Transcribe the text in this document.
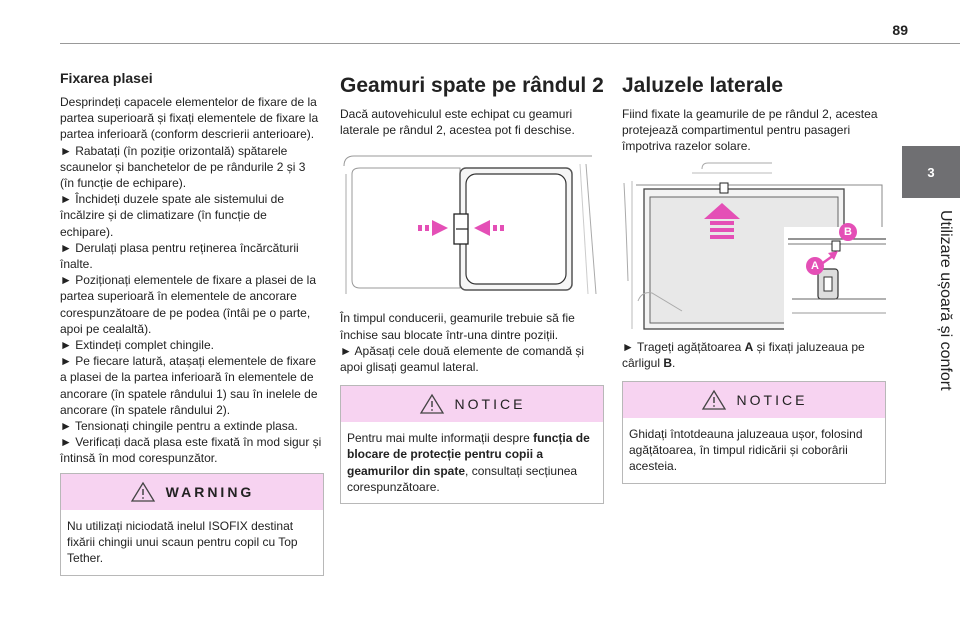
89
3
Utilizare ușoară și confort
Fixarea plasei

Desprindeți capacele elementelor de fixare de la partea superioară și fixați elementele de fixare la partea inferioară (conform descrierii anterioare).
► Rabatați (în poziție orizontală) spătarele scaunelor și banchetelor de pe rândurile 2 și 3 (în funcție de echipare).
► Închideți duzele spate ale sistemului de încălzire și de climatizare (în funcție de echipare).
► Derulați plasa pentru reținerea încărcăturii înalte.
► Poziționați elementele de fixare a plasei de la partea superioară în elementele de ancorare corespunzătoare de pe podea (întâi pe o parte, apoi pe cealaltă).
► Extindeți complet chingile.
► Pe fiecare latură, atașați elementele de fixare a plasei de la partea inferioară în elementele de ancorare (în spatele rândului 1) sau în inelele de ancorare (în spatele rândului 2).
► Tensionați chingile pentru a extinde plasa.
► Verificați dacă plasa este fixată în mod sigur și întinsă în mod corespunzător.

WARNING
Nu utilizați niciodată inelul ISOFIX destinat fixării chingii unui scaun pentru copil cu Top Tether.
Geamuri spate pe rândul 2

Dacă autovehiculul este echipat cu geamuri laterale pe rândul 2, acestea pot fi deschise.

În timpul conducerii, geamurile trebuie să fie închise sau blocate într-una dintre poziții.
► Apăsați cele două elemente de comandă și apoi glisați geamul lateral.

NOTICE
Pentru mai multe informații despre funcția de blocare de protecție pentru copii a geamurilor din spate, consultați secțiunea corespunzătoare.
Jaluzele laterale

Fiind fixate la geamurile de pe rândul 2, acestea protejează compartimentul pentru pasageri împotriva razelor solare.

B
A

► Trageți agățătoarea A și fixați jaluzeaua pe cârligul B.

NOTICE
Ghidați întotdeauna jaluzeaua ușor, folosind agățătoarea, în timpul ridicării și coborârii acesteia.
